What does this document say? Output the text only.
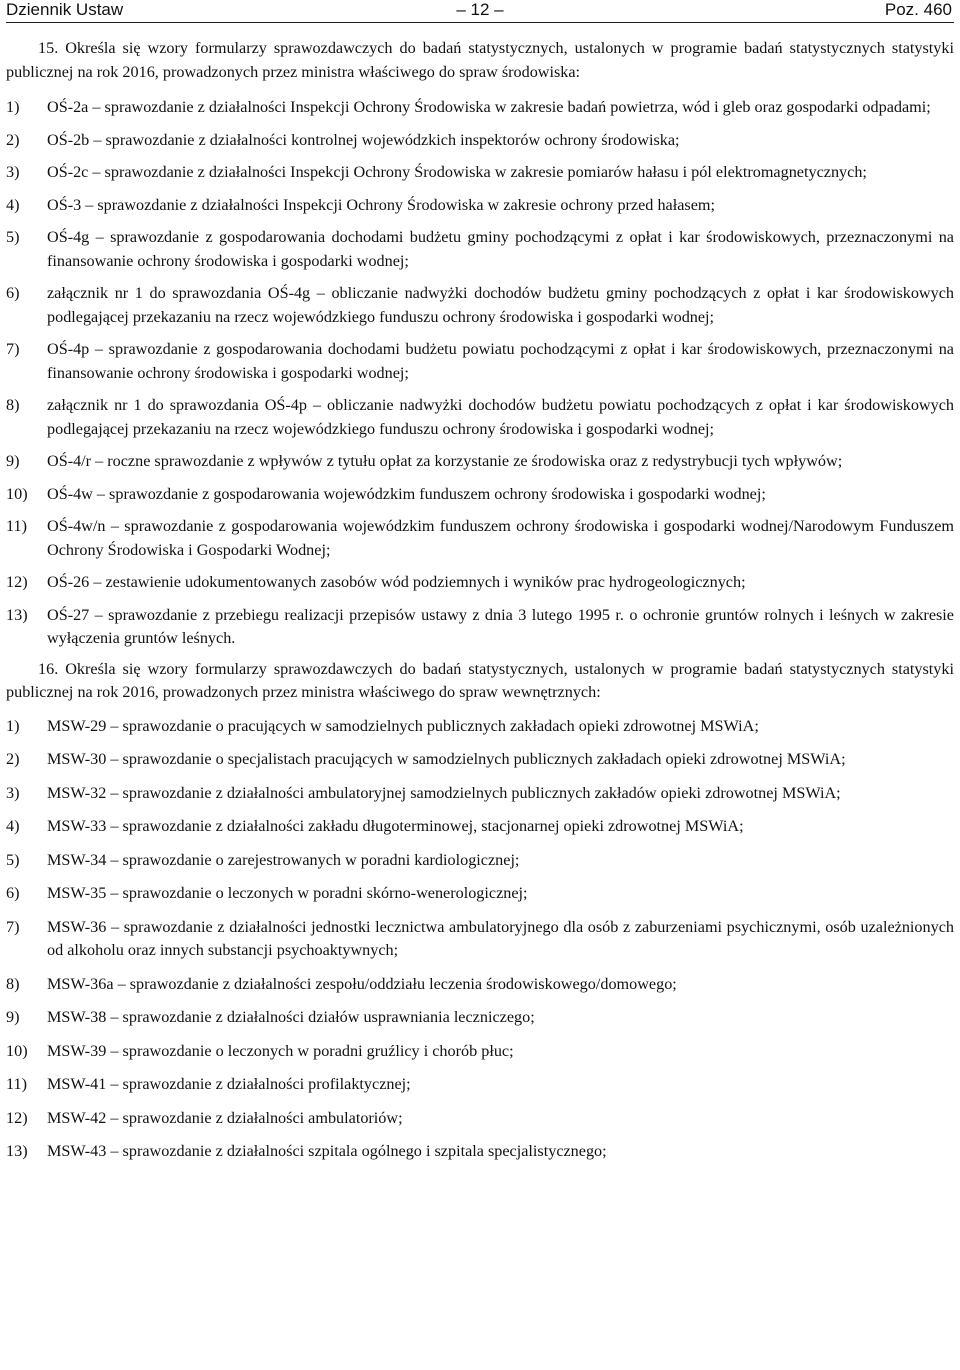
Dziennik Ustaw	– 12 –	Poz. 460

15. Określa się wzory formularzy sprawozdawczych do badań statystycznych, ustalonych w programie badań statystycznych statystyki publicznej na rok 2016, prowadzonych przez ministra właściwego do spraw środowiska:

1) OŚ-2a – sprawozdanie z działalności Inspekcji Ochrony Środowiska w zakresie badań powietrza, wód i gleb oraz gospodarki odpadami;
2) OŚ-2b – sprawozdanie z działalności kontrolnej wojewódzkich inspektorów ochrony środowiska;
3) OŚ-2c – sprawozdanie z działalności Inspekcji Ochrony Środowiska w zakresie pomiarów hałasu i pól elektromagnetycznych;
4) OŚ-3 – sprawozdanie z działalności Inspekcji Ochrony Środowiska w zakresie ochrony przed hałasem;
5) OŚ-4g – sprawozdanie z gospodarowania dochodami budżetu gminy pochodzącymi z opłat i kar środowiskowych, przeznaczonymi na finansowanie ochrony środowiska i gospodarki wodnej;
6) załącznik nr 1 do sprawozdania OŚ-4g – obliczanie nadwyżki dochodów budżetu gminy pochodzących z opłat i kar środowiskowych podlegającej przekazaniu na rzecz wojewódzkiego funduszu ochrony środowiska i gospodarki wodnej;
7) OŚ-4p – sprawozdanie z gospodarowania dochodami budżetu powiatu pochodzącymi z opłat i kar środowiskowych, przeznaczonymi na finansowanie ochrony środowiska i gospodarki wodnej;
8) załącznik nr 1 do sprawozdania OŚ-4p – obliczanie nadwyżki dochodów budżetu powiatu pochodzących z opłat i kar środowiskowych podlegającej przekazaniu na rzecz wojewódzkiego funduszu ochrony środowiska i gospodarki wodnej;
9) OŚ-4/r – roczne sprawozdanie z wpływów z tytułu opłat za korzystanie ze środowiska oraz z redystrybucji tych wpływów;
10) OŚ-4w – sprawozdanie z gospodarowania wojewódzkim funduszem ochrony środowiska i gospodarki wodnej;
11) OŚ-4w/n – sprawozdanie z gospodarowania wojewódzkim funduszem ochrony środowiska i gospodarki wodnej/Narodowym Funduszem Ochrony Środowiska i Gospodarki Wodnej;
12) OŚ-26 – zestawienie udokumentowanych zasobów wód podziemnych i wyników prac hydrogeologicznych;
13) OŚ-27 – sprawozdanie z przebiegu realizacji przepisów ustawy z dnia 3 lutego 1995 r. o ochronie gruntów rolnych i leśnych w zakresie wyłączenia gruntów leśnych.

16. Określa się wzory formularzy sprawozdawczych do badań statystycznych, ustalonych w programie badań statystycznych statystyki publicznej na rok 2016, prowadzonych przez ministra właściwego do spraw wewnętrznych:

1) MSW-29 – sprawozdanie o pracujących w samodzielnych publicznych zakładach opieki zdrowotnej MSWiA;
2) MSW-30 – sprawozdanie o specjalistach pracujących w samodzielnych publicznych zakładach opieki zdrowotnej MSWiA;
3) MSW-32 – sprawozdanie z działalności ambulatoryjnej samodzielnych publicznych zakładów opieki zdrowotnej MSWiA;
4) MSW-33 – sprawozdanie z działalności zakładu długoterminowej, stacjonarnej opieki zdrowotnej MSWiA;
5) MSW-34 – sprawozdanie o zarejestrowanych w poradni kardiologicznej;
6) MSW-35 – sprawozdanie o leczonych w poradni skórno-wenerologicznej;
7) MSW-36 – sprawozdanie z działalności jednostki lecznictwa ambulatoryjnego dla osób z zaburzeniami psychicznymi, osób uzależnionych od alkoholu oraz innych substancji psychoaktywnych;
8) MSW-36a – sprawozdanie z działalności zespołu/oddziału leczenia środowiskowego/domowego;
9) MSW-38 – sprawozdanie z działalności działów usprawniania leczniczego;
10) MSW-39 – sprawozdanie o leczonych w poradni gruźlicy i chorób płuc;
11) MSW-41 – sprawozdanie z działalności profilaktycznej;
12) MSW-42 – sprawozdanie z działalności ambulatoriów;
13) MSW-43 – sprawozdanie z działalności szpitala ogólnego i szpitala specjalistycznego;
